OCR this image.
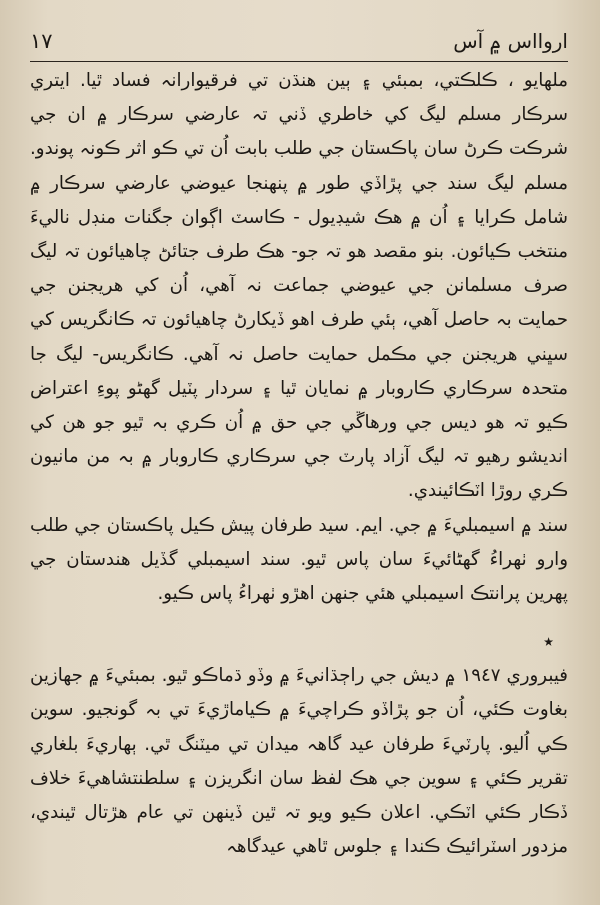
اروااس ۾ آس
١٧

ملهايو ، ڪلڪتي، بمبئي ۽ ٻين هنڌن تي فرقيوارانہ فساد ٿيا. ايتري سرڪار مسلم ليگ کي خاطري ڏني تہ عارضي سرڪار ۾ ان جي شرڪت ڪرڻ سان پاڪستان جي طلب بابت اُن تي ڪو اثر ڪونہ پوندو. مسلم ليگ سند جي پڙاڏي طور ۾ پنهنجا عيوضي عارضي سرڪار ۾ شامل ڪرايا ۽ اُن ۾ هڪ شيڊيول - ڪاسٽ اڳوان جگنات منڊل ناليءَ منتخب ڪيائون. بنو مقصد هو تہ جو- هڪ طرف جتائڻ چاهيائون تہ ليگ صرف مسلمانن جي عيوضي جماعت نہ آهي، اُن کي هريجنن جي حمايت بہ حاصل آهي، ٻئي طرف اهو ڏيکارڻ چاهيائون تہ ڪانگريس کي سڀني هريجنن جي مڪمل حمايت حاصل نہ آهي. ڪانگريس- ليگ جا متحدہ سرڪاري ڪاروبار ۾ نمايان ٿيا ۽ سردار پٽيل گهڻو پوءِ اعتراض ڪيو تہ هو ديس جي ورهاڱي جي حق ۾ اُن ڪري بہ ٿيو جو هن کي انديشو رهيو تہ ليگ آزاد پارٽ جي سرڪاري ڪاروبار ۾ بہ من مانيون ڪري روڙا اٽڪائيندي.

سند ۾ اسيمبليءَ ۾ جي. ايم. سيد طرفان پيش ڪيل پاڪستان جي طلب وارو ٺهراءُ گهڻائيءَ سان پاس ٿيو. سند اسيمبلي گڏيل هندستان جي پهرين پرانتڪ اسيمبلي هئي جنهن اهڙو ٺهراءُ پاس ڪيو.

٭

فيبروري ١٩٤٧ ۾ ديش جي راڄڌانيءَ ۾ وڏو ڌماڪو ٿيو. بمبئيءَ ۾ جهازين بغاوت ڪئي، اُن جو پڙاڏو ڪراچيءَ ۾ ڪياماڙيءَ تي بہ گونجيو. سوين ڪي اُليو. پارٽيءَ طرفان عيد گاهہ ميدان تي ميٽنگ ٿي. ٻهاريءَ بلغاري تقرير ڪئي ۽ سوين جي هڪ لفظ سان انگريزن ۽ سلطنتشاهيءَ خلاف ڏڪار ڪئي اٽڪي. اعلان ڪيو ويو تہ ٿين ڏينهن تي عام هڙتال ٿيندي، مزدور اسٽرائيڪ ڪندا ۽ جلوس ٿاهي عيدگاهہ
